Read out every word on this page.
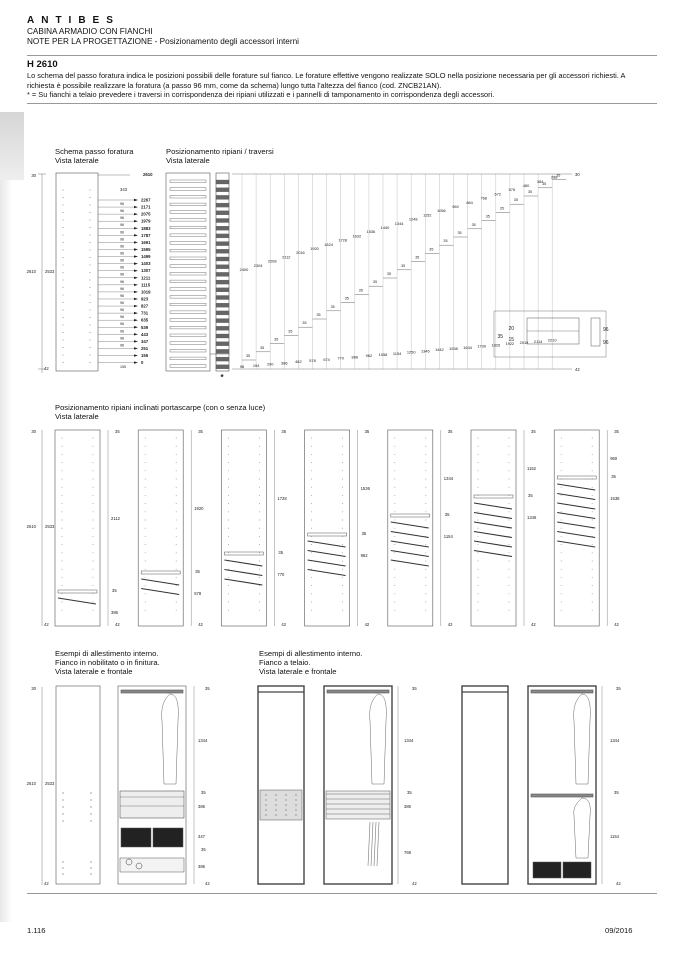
ANTIBES

CABINA ARMADIO CON FIANCHI

NOTE PER LA PROGETTAZIONE - Posizionamento degli accessori interni

H 2610

Lo schema del passo foratura indica le posizioni possibili delle forature sul fianco. Le forature effettive vengono realizzate SOLO nella posizione necessaria per gli accessori richiesti. A richiesta è possibile realizzare la foratura (a passo 96 mm, come da schema) lungo tutta l'altezza del fianco (cod. ZNCB21AN).

* = Su fianchi a telaio prevedere i traversi in corrispondenza dei ripiani utilizzati e i pannelli di tamponamento in corrispondenza degli accessori.

Schema passo foratura

Vista laterale

Posizionamento ripiani / traversi

Vista laterale

Posizionamento ripiani inclinati portascarpe (con o senza luce)

Vista laterale

Esempi di allestimento interno.

Fianco in nobilitato o in finitura.

Vista laterale e frontale

Esempi di allestimento interno.

Fianco a telaio.

Vista laterale e frontale

30
42
2610 2533
2610
343
2267
96
2171
96
2075
96
1979
96
1883
96
1787
96
1691
96
1595
96
1499
96
1403
96
1307
96
1211
96
1115
96
1019
96
923
96
827
96
731
96
635
96
539
96
443
96
347
96
251
155
0
155
*
30
42
2400
35
98
2304
35
194
2208
35
290
2112
35
386
2016
35
482
1920
35
578
1824
35
674
1728
35
770
1632
35
866
1536
35
962
1440
35
1058
1344
35
1154
1248
35
1250
1152
35
1346
1056
35
1442
960
35
1538
864
35
1634
768
35
1730
672
35
1826
576
35
1922
480
35
2018
384
35
2114
288
35
2210
20
15
35
96
96
30
42
2610 2533
35
2112
35
386
42
35
1920
35
578
42
35
1728
35
770
42
35
1536
35
962
42
35
1344
35
1154
42
35
1152
35
1346
42
35
960
35
1538
42
30
42
2610 2533
35
1344
35
386
347
35
386
42
35
1344
35
386
768
42
35
1344
35
1154
42
1.116	09/2016
